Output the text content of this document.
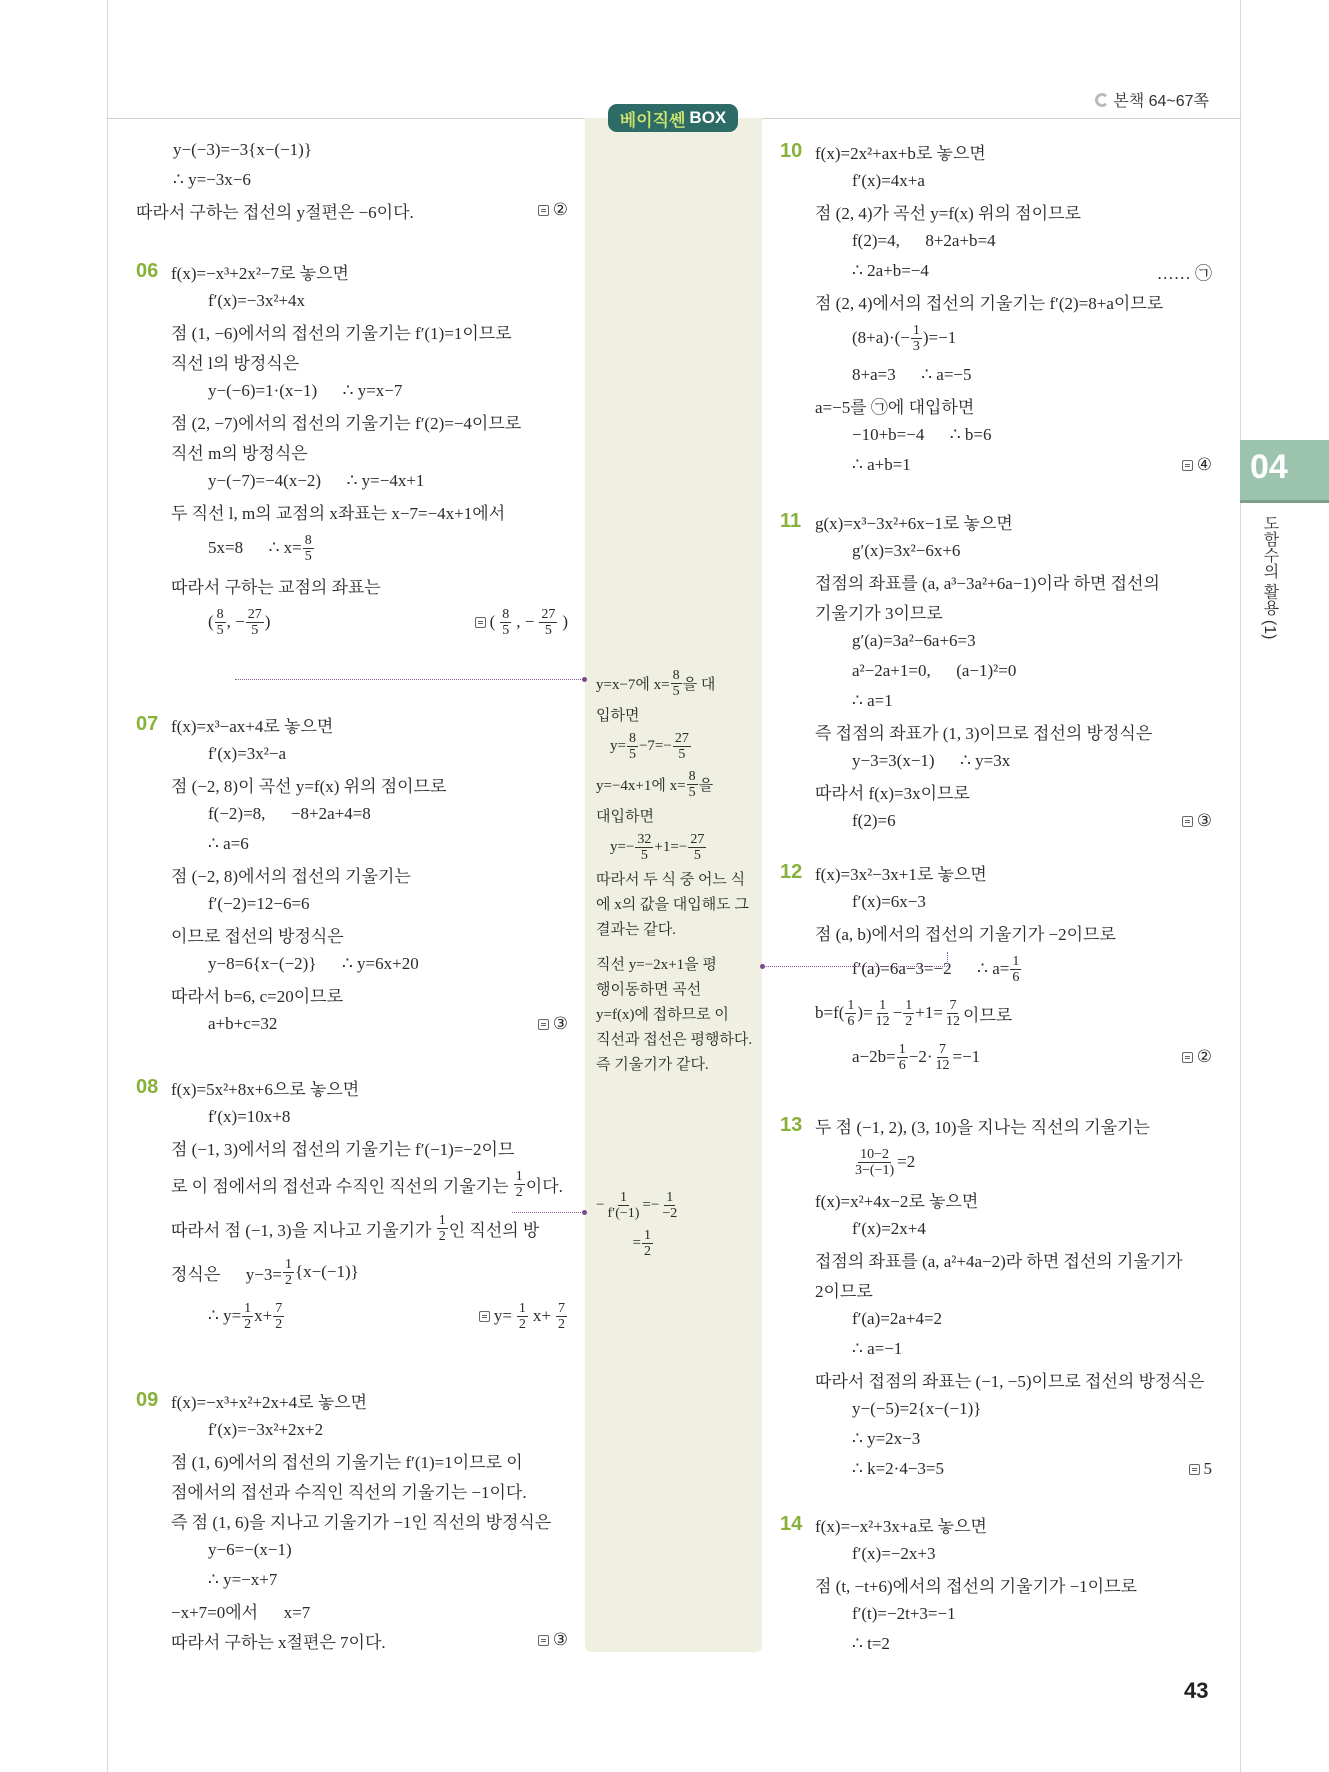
본책 64~67쪽
베이직쎈 BOX
04
도함수의 활용 (1)
y−(−3)=−3{x−(−1)}
∴ y=−3x−6
따라서 구하는 접선의 y절편은 −6이다.	②
06 f(x)=−x³+2x²−7로 놓으면
f′(x)=−3x²+4x
점 (1, −6)에서의 접선의 기울기는 f′(1)=1이므로
직선 l의 방정식은
y−(−6)=1·(x−1)      ∴ y=x−7
점 (2, −7)에서의 접선의 기울기는 f′(2)=−4이므로
직선 m의 방정식은
y−(−7)=−4(x−2)      ∴ y=−4x+1
두 직선 l, m의 교점의 x좌표는 x−7=−4x+1에서
5x=8      ∴ $x= \frac{8}{5}$
따라서 구하는 교점의 좌표는
( $\frac{8}{5}$ , − $\frac{27}{5}$ )	( $\frac{8}{5}$ , − $\frac{27}{5}$ )
07 f(x)=x³−ax+4로 놓으면
f′(x)=3x²−a
점 (−2, 8)이 곡선 y=f(x) 위의 점이므로
f(−2)=8,      −8+2a+4=8
∴ a=6
점 (−2, 8)에서의 접선의 기울기는
f′(−2)=12−6=6
이므로 접선의 방정식은
y−8=6{x−(−2)}      ∴ y=6x+20
따라서 b=6, c=20이므로
a+b+c=32	③
08 f(x)=5x²+8x+6으로 놓으면
f′(x)=10x+8
점 (−1, 3)에서의 접선의 기울기는 f′(−1)=−2이므
로 이 점에서의 접선과 수직인 직선의 기울기는 $\frac{1}{2}$ 이다.
따라서 점 (−1, 3)을 지나고 기울기가 $\frac{1}{2}$ 인 직선의 방
정식은      $y-3= \frac{1}{2} \{x-(-1)\}$
∴ $y= \frac{1}{2} x+ \frac{7}{2}$	$y= \frac{1}{2} x+ \frac{7}{2}$
09 f(x)=−x³+x²+2x+4로 놓으면
f′(x)=−3x²+2x+2
점 (1, 6)에서의 접선의 기울기는 f′(1)=1이므로 이
점에서의 접선과 수직인 직선의 기울기는 −1이다.
즉 점 (1, 6)을 지나고 기울기가 −1인 직선의 방정식은
y−6=−(x−1)
∴ y=−x+7
−x+7=0에서      x=7
따라서 구하는 x절편은 7이다.	③
10 f(x)=2x²+ax+b로 놓으면
f′(x)=4x+a
점 (2, 4)가 곡선 y=f(x) 위의 점이므로
f(2)=4,      8+2a+b=4
∴ 2a+b=−4	…… ㉠
점 (2, 4)에서의 접선의 기울기는 f′(2)=8+a이므로
$(8+a)\cdot(- \frac{1}{3} )=-1$
8+a=3      ∴ a=−5
a=−5를 ㉠에 대입하면
−10+b=−4      ∴ b=6
∴ a+b=1	④
11 g(x)=x³−3x²+6x−1로 놓으면
g′(x)=3x²−6x+6
접점의 좌표를 (a, a³−3a²+6a−1)이라 하면 접선의
기울기가 3이므로
g′(a)=3a²−6a+6=3
a²−2a+1=0,      (a−1)²=0
∴ a=1
즉 접점의 좌표가 (1, 3)이므로 접선의 방정식은
y−3=3(x−1)      ∴ y=3x
따라서 f(x)=3x이므로
f(2)=6	③
12 f(x)=3x²−3x+1로 놓으면
f′(x)=6x−3
점 (a, b)에서의 접선의 기울기가 −2이므로
f′(a)=6a−3=−2      ∴ $a= \frac{1}{6}$
$b=f( \frac{1}{6}$ )= $\frac{1}{12} - \frac{1}{2} +1= \frac{7}{12}$ 이므로
$a-2b= \frac{1}{6} -2\cdot \frac{7}{12} =-1$	②
13 두 점 (−1, 2), (3, 10)을 지나는 직선의 기울기는
$\frac{10-2}{3-(-1)} =2$
f(x)=x²+4x−2로 놓으면
f′(x)=2x+4
접점의 좌표를 (a, a²+4a−2)라 하면 접선의 기울기가
2이므로
f′(a)=2a+4=2
∴ a=−1
따라서 접점의 좌표는 (−1, −5)이므로 접선의 방정식은
y−(−5)=2{x−(−1)}
∴ y=2x−3
∴ k=2·4−3=5	5
14 f(x)=−x²+3x+a로 놓으면
f′(x)=−2x+3
점 (t, −t+6)에서의 접선의 기울기가 −1이므로
f′(t)=−2t+3=−1
∴ t=2
y=x−7에 $x= \frac{8}{5}$ 을 대
입하면
$y= \frac{8}{5} -7=- \frac{27}{5}$
y=−4x+1에 $x= \frac{8}{5}$ 을
대입하면
$y=- \frac{32}{5} +1=- \frac{27}{5}$
따라서 두 식 중 어느 식
에 x의 값을 대입해도 그
결과는 같다.
직선 y=−2x+1을 평
행이동하면 곡선
y=f(x)에 접하므로 이
직선과 접선은 평행하다.
즉 기울기가 같다.
− $\frac{1}{f'(-1)} =- \frac{1}{-2}$
= $\frac{1}{2}$
43
